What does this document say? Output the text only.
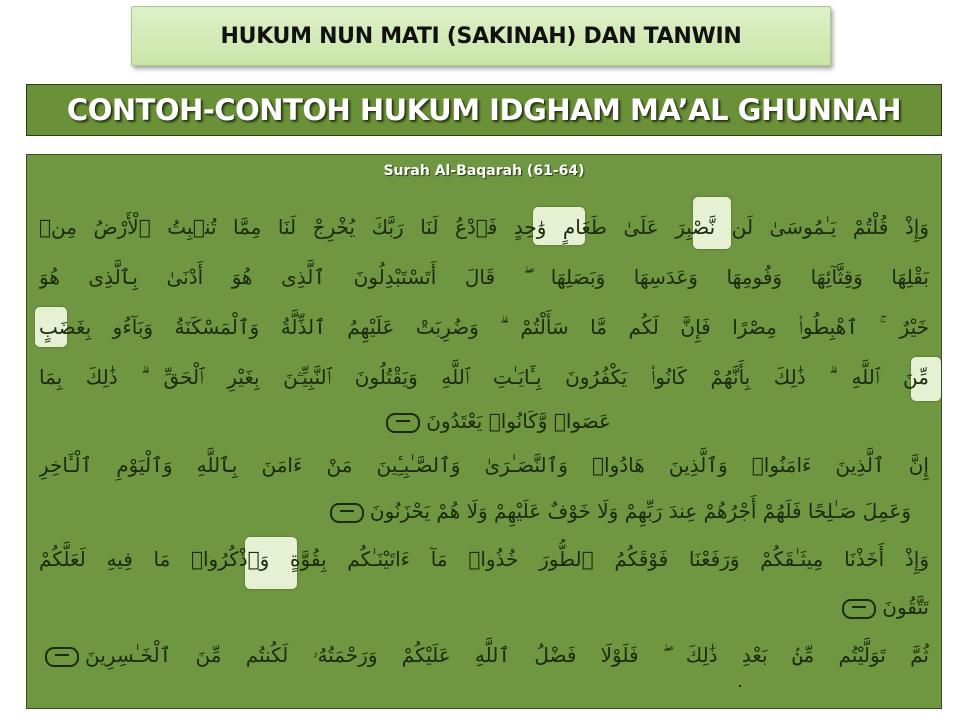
HUKUM NUN MATI (SAKINAH) DAN TANWIN
CONTOH-CONTOH HUKUM IDGHAM MA’AL GHUNNAH
Surah Al-Baqarah (61-64)
وَإِذْ قُلْتُمْ يَـٰمُوسَىٰ لَن نَّصْبِرَ عَلَىٰ طَعَامٍ وَٰحِدٍ فَٱدْعُ لَنَا رَبَّكَ يُخْرِجْ لَنَا مِمَّا تُنۢبِتُ ٱلْأَرْضُ مِنۢ
بَقْلِهَا وَقِثَّآئِهَا وَفُومِهَا وَعَدَسِهَا وَبَصَلِهَا ۖ قَالَ أَتَسْتَبْدِلُونَ ٱلَّذِى هُوَ أَدْنَىٰ بِٱلَّذِى هُوَ
خَيْرٌ ۚ ٱهْبِطُوا۟ مِصْرًا فَإِنَّ لَكُم مَّا سَأَلْتُمْ ۗ وَضُرِبَتْ عَلَيْهِمُ ٱلذِّلَّةُ وَٱلْمَسْكَنَةُ وَبَآءُو بِغَضَبٍ
مِّنَ ٱللَّهِ ۗ ذَٰلِكَ بِأَنَّهُمْ كَانُوا۟ يَكْفُرُونَ بِـَٔايَـٰتِ ٱللَّهِ وَيَقْتُلُونَ ٱلنَّبِيِّـۧنَ بِغَيْرِ ٱلْحَقِّ ۗ ذَٰلِكَ بِمَا
عَصَوا۟ وَّكَانُوا۟ يَعْتَدُونَ
إِنَّ ٱلَّذِينَ ءَامَنُوا۟ وَٱلَّذِينَ هَادُوا۟ وَٱلنَّصَـٰرَىٰ وَٱلصَّـٰبِـِٔينَ مَنْ ءَامَنَ بِٱللَّهِ وَٱلْيَوْمِ ٱلْـَٔاخِرِ
وَعَمِلَ صَـٰلِحًا فَلَهُمْ أَجْرُهُمْ عِندَ رَبِّهِمْ وَلَا خَوْفٌ عَلَيْهِمْ وَلَا هُمْ يَحْزَنُونَ
وَإِذْ أَخَذْنَا مِيثَـٰقَكُمْ وَرَفَعْنَا فَوْقَكُمُ ٱلطُّورَ خُذُوا۟ مَآ ءَاتَيْنَـٰكُم بِقُوَّةٍ وَٱذْكُرُوا۟ مَا فِيهِ لَعَلَّكُمْ
تَتَّقُونَ
ثُمَّ تَوَلَّيْتُم مِّنۢ بَعْدِ ذَٰلِكَ ۖ فَلَوْلَا فَضْلُ ٱللَّهِ عَلَيْكُمْ وَرَحْمَتُهُۥ لَكُنتُم مِّنَ ٱلْخَـٰسِرِينَ
